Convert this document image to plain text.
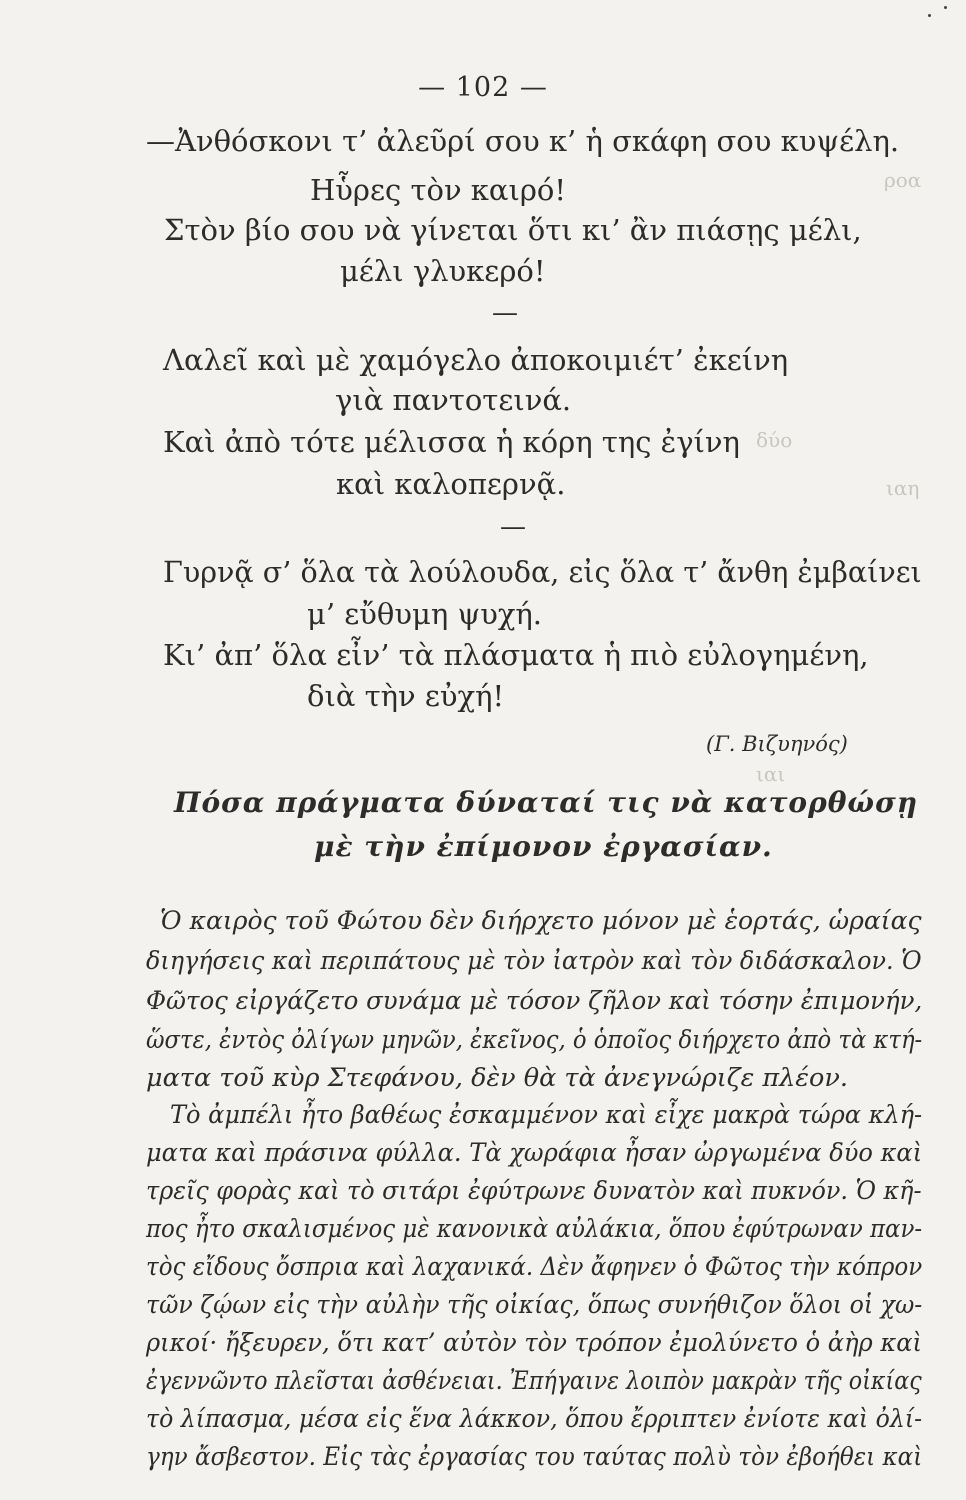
ροα
ιαη
δύο
ιαι
— 102 —
—Ἀνθόσκονι τ’ ἀλεῦρί σου κ’ ἡ σκάφη σου κυψέλη.
Ηὗρες τὸν καιρό!
Στὸν βίο σου νὰ γίνεται ὅτι κι’ ἂν πιάσῃς μέλι,
μέλι γλυκερό!
—
Λαλεῖ καὶ μὲ χαμόγελο ἀποκοιμιέτ’ ἐκείνη
γιὰ παντοτεινά.
Καὶ ἀπὸ τότε μέλισσα ἡ κόρη της ἐγίνη
καὶ καλοπερνᾷ.
—
Γυρνᾷ σ’ ὅλα τὰ λούλουδα, εἰς ὅλα τ’ ἄνθη ἐμβαίνει
μ’ εὔθυμη ψυχή.
Κι’ ἀπ’ ὅλα εἶν’ τὰ πλάσματα ἡ πιὸ εὐλογημένη,
διὰ τὴν εὐχή!
(Γ. Βιζυηνός)
Πόσα πράγματα δύναταί τις νὰ κατορθώσῃ
μὲ τὴν ἐπίμονον ἐργασίαν.
Ὁ καιρὸς τοῦ Φώτου δὲν διήρχετο μόνον μὲ ἑορτάς, ὡραίας
διηγήσεις καὶ περιπάτους μὲ τὸν ἰατρὸν καὶ τὸν διδάσκαλον. Ὁ
Φῶτος εἰργάζετο συνάμα μὲ τόσον ζῆλον καὶ τόσην ἐπιμονήν,
ὥστε, ἐντὸς ὀλίγων μηνῶν, ἐκεῖνος, ὁ ὁποῖος διήρχετο ἀπὸ τὰ κτή-
ματα τοῦ κὺρ Στεφάνου, δὲν θὰ τὰ ἀνεγνώριζε πλέον.
Τὸ ἀμπέλι ἦτο βαθέως ἐσκαμμένον καὶ εἶχε μακρὰ τώρα κλή-
ματα καὶ πράσινα φύλλα. Τὰ χωράφια ἦσαν ὠργωμένα δύο καὶ
τρεῖς φορὰς καὶ τὸ σιτάρι ἐφύτρωνε δυνατὸν καὶ πυκνόν. Ὁ κῆ-
πος ἦτο σκαλισμένος μὲ κανονικὰ αὐλάκια, ὅπου ἐφύτρωναν παν-
τὸς εἴδους ὄσπρια καὶ λαχανικά. Δὲν ἄφηνεν ὁ Φῶτος τὴν κόπρον
τῶν ζῴων εἰς τὴν αὐλὴν τῆς οἰκίας, ὅπως συνήθιζον ὅλοι οἱ χω-
ρικοί· ἤξευρεν, ὅτι κατ’ αὐτὸν τὸν τρόπον ἐμολύνετο ὁ ἀὴρ καὶ
ἐγεννῶντο πλεῖσται ἀσθένειαι. Ἐπήγαινε λοιπὸν μακρὰν τῆς οἰκίας
τὸ λίπασμα, μέσα εἰς ἕνα λάκκον, ὅπου ἔρριπτεν ἐνίοτε καὶ ὀλί-
γην ἄσβεστον. Εἰς τὰς ἐργασίας του ταύτας πολὺ τὸν ἐβοήθει καὶ
